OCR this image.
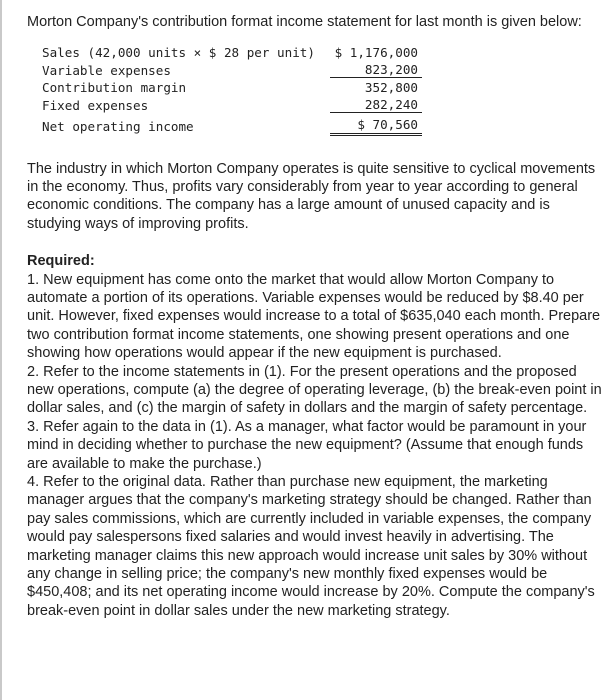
Morton Company's contribution format income statement for last month is given below:

Sales (42,000 units × $ 28 per unit)	$ 1,176,000
Variable expenses	823,200
Contribution margin	352,800
Fixed expenses	282,240
Net operating income	$ 70,560

The industry in which Morton Company operates is quite sensitive to cyclical movements in the economy. Thus, profits vary considerably from year to year according to general economic conditions. The company has a large amount of unused capacity and is studying ways of improving profits.

Required:

1. New equipment has come onto the market that would allow Morton Company to automate a portion of its operations. Variable expenses would be reduced by $8.40 per unit. However, fixed expenses would increase to a total of $635,040 each month. Prepare two contribution format income statements, one showing present operations and one showing how operations would appear if the new equipment is purchased.

2. Refer to the income statements in (1). For the present operations and the proposed new operations, compute (a) the degree of operating leverage, (b) the break-even point in dollar sales, and (c) the margin of safety in dollars and the margin of safety percentage.

3. Refer again to the data in (1). As a manager, what factor would be paramount in your mind in deciding whether to purchase the new equipment? (Assume that enough funds are available to make the purchase.)

4. Refer to the original data. Rather than purchase new equipment, the marketing manager argues that the company's marketing strategy should be changed. Rather than pay sales commissions, which are currently included in variable expenses, the company would pay salespersons fixed salaries and would invest heavily in advertising. The marketing manager claims this new approach would increase unit sales by 30% without any change in selling price; the company's new monthly fixed expenses would be $450,408; and its net operating income would increase by 20%. Compute the company's break-even point in dollar sales under the new marketing strategy.
